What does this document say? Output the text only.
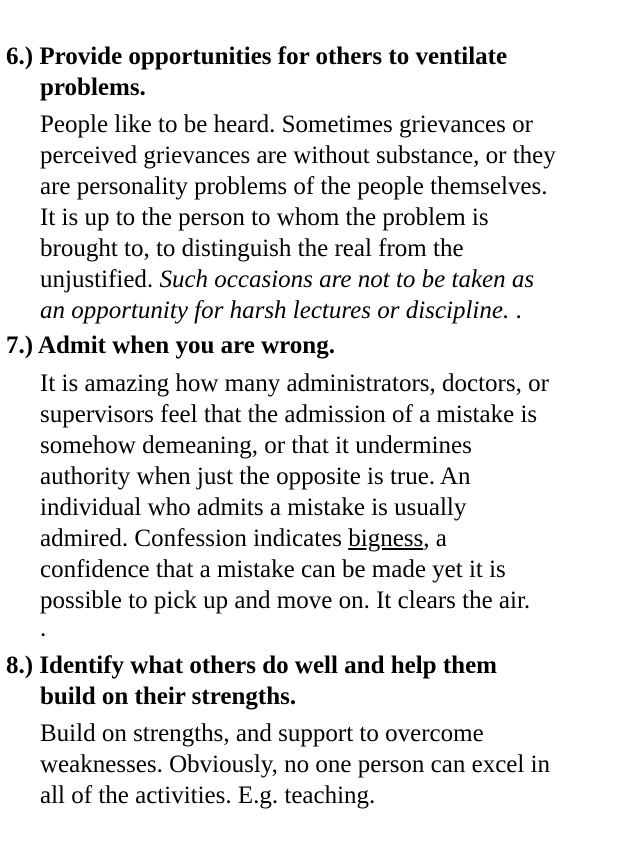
6.) Provide opportunities for others to ventilate
problems.
People like to be heard. Sometimes grievances or
perceived grievances are without substance, or they
are personality problems of the people themselves.
It is up to the person to whom the problem is
brought to, to distinguish the real from the
unjustified. Such occasions are not to be taken as
an opportunity for harsh lectures or discipline. .
7.) Admit when you are wrong.
It is amazing how many administrators, doctors, or
supervisors feel that the admission of a mistake is
somehow demeaning, or that it undermines
authority when just the opposite is true. An
individual who admits a mistake is usually
admired. Confession indicates bigness, a
confidence that a mistake can be made yet it is
possible to pick up and move on. It clears the air.
.
8.) Identify what others do well and help them
build on their strengths.
Build on strengths, and support to overcome
weaknesses. Obviously, no one person can excel in
all of the activities. E.g. teaching.
